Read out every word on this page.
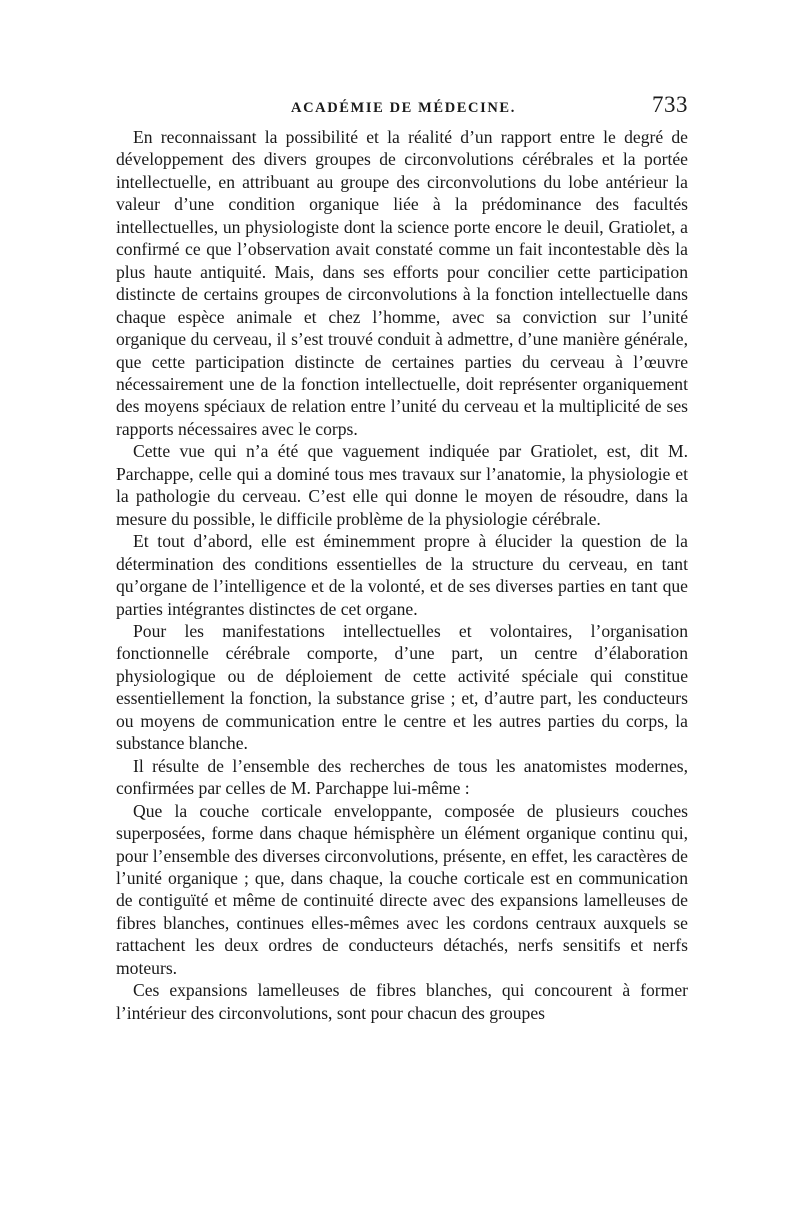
ACADÉMIE DE MÉDECINE.	733

En reconnaissant la possibilité et la réalité d’un rapport entre le degré de développement des divers groupes de circonvolutions cérébrales et la portée intellectuelle, en attribuant au groupe des circonvolutions du lobe antérieur la valeur d’une condition organique liée à la prédominance des facultés intellectuelles, un physiologiste dont la science porte encore le deuil, Gratiolet, a confirmé ce que l’observation avait constaté comme un fait incontestable dès la plus haute antiquité. Mais, dans ses efforts pour concilier cette participation distincte de certains groupes de circonvolutions à la fonction intellectuelle dans chaque espèce animale et chez l’homme, avec sa conviction sur l’unité organique du cerveau, il s’est trouvé conduit à admettre, d’une manière générale, que cette participation distincte de certaines parties du cerveau à l’œuvre nécessairement une de la fonction intellectuelle, doit représenter organiquement des moyens spéciaux de relation entre l’unité du cerveau et la multiplicité de ses rapports nécessaires avec le corps.

Cette vue qui n’a été que vaguement indiquée par Gratiolet, est, dit M. Parchappe, celle qui a dominé tous mes travaux sur l’anatomie, la physiologie et la pathologie du cerveau. C’est elle qui donne le moyen de résoudre, dans la mesure du possible, le difficile problème de la physiologie cérébrale.

Et tout d’abord, elle est éminemment propre à élucider la question de la détermination des conditions essentielles de la structure du cerveau, en tant qu’organe de l’intelligence et de la volonté, et de ses diverses parties en tant que parties intégrantes distinctes de cet organe.

Pour les manifestations intellectuelles et volontaires, l’organisation fonctionnelle cérébrale comporte, d’une part, un centre d’élaboration physiologique ou de déploiement de cette activité spéciale qui constitue essentiellement la fonction, la substance grise ; et, d’autre part, les conducteurs ou moyens de communication entre le centre et les autres parties du corps, la substance blanche.

Il résulte de l’ensemble des recherches de tous les anatomistes modernes, confirmées par celles de M. Parchappe lui-même :

Que la couche corticale enveloppante, composée de plusieurs couches superposées, forme dans chaque hémisphère un élément organique continu qui, pour l’ensemble des diverses circonvolutions, présente, en effet, les caractères de l’unité organique ; que, dans chaque, la couche corticale est en communication de contiguïté et même de continuité directe avec des expansions lamelleuses de fibres blanches, continues elles-mêmes avec les cordons centraux auxquels se rattachent les deux ordres de conducteurs détachés, nerfs sensitifs et nerfs moteurs.

Ces expansions lamelleuses de fibres blanches, qui concourent à former l’intérieur des circonvolutions, sont pour chacun des groupes
